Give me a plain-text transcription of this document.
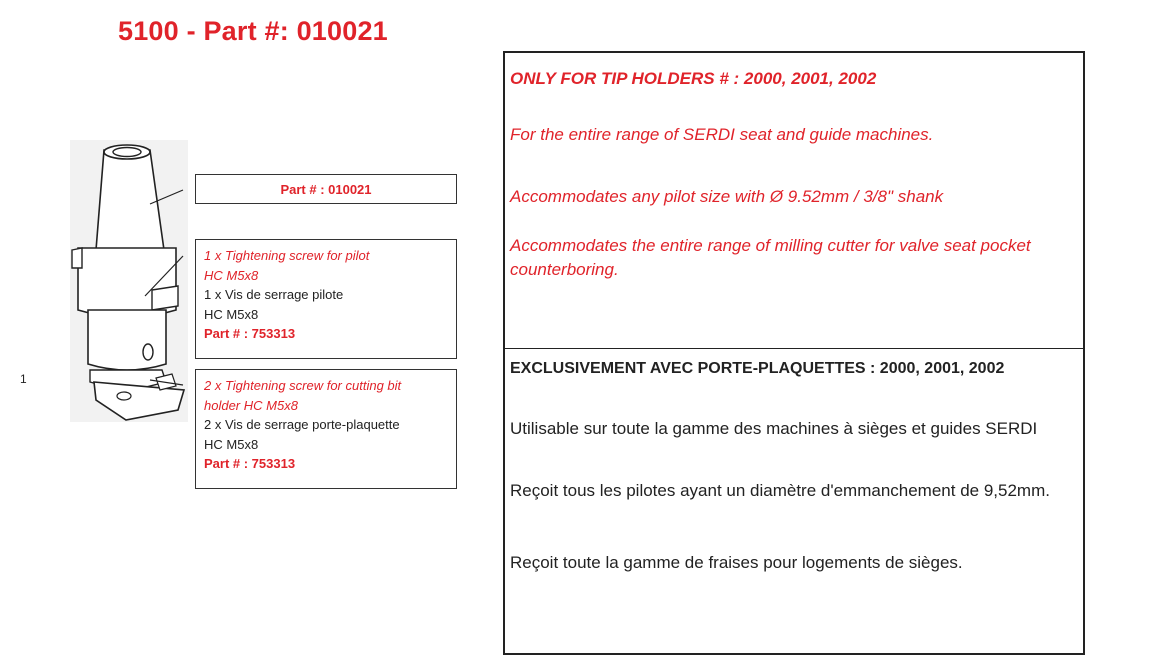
5100 - Part #: 010021
1
Part # : 010021
1 x Tightening screw for pilot
HC M5x8
1 x Vis de serrage pilote
HC M5x8
Part # : 753313
2 x Tightening screw for cutting bit
holder HC M5x8
2 x Vis de serrage porte-plaquette
HC M5x8
Part # : 753313
ONLY FOR TIP HOLDERS # : 2000, 2001, 2002
For the entire range of SERDI seat and guide machines.
Accommodates any pilot size with Ø 9.52mm / 3/8" shank
Accommodates the entire range of milling cutter for valve seat pocket counterboring.
EXCLUSIVEMENT AVEC PORTE-PLAQUETTES : 2000, 2001, 2002
Utilisable sur toute la gamme des machines à sièges et guides SERDI
Reçoit tous les pilotes ayant un diamètre d'emmanchement de 9,52mm.
Reçoit toute la gamme de fraises pour logements de sièges.
